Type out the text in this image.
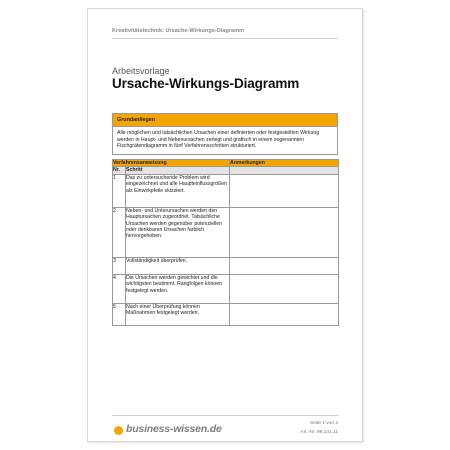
Kreativitätstechnik: Ursache-Wirkungs-Diagramm
Arbeitsvorlage
Ursache-Wirkungs-Diagramm
Grundanliegen
Alle möglichen und tatsächlichen Ursachen einer definierten oder festgestellten Wirkung werden in Haupt- und Nebenursachen zerlegt und grafisch in einem sogenannten Fischgrätendiagramm in fünf Verfahrensschritten strukturiert.
Verfahrensanweisung		Anmerkungen
Nr.	Schritt	
1	Das zu untersuchende Problem wird eingezeichnet und alle Haupteinflussgrößen als Einwirkpfeile skizziert.	
2	Neben- und Unterursachen werden den Hauptursachen zugeordnet. Tatsächliche Ursachen werden gegenüber potenziellen oder denkbaren Ursachen farblich hervorgehoben.	
3	Vollständigkeit überprüfen.	
4	Die Ursachen werden gewichtet und die wichtigsten bestimmt. Rangfolgen können festgelegt werden.	
5	Nach einer Überprüfung können Maßnahmen festgelegt werden.	
business-wissen.de	Seite 1 von 2
Art.-Nr. 99.101.11
